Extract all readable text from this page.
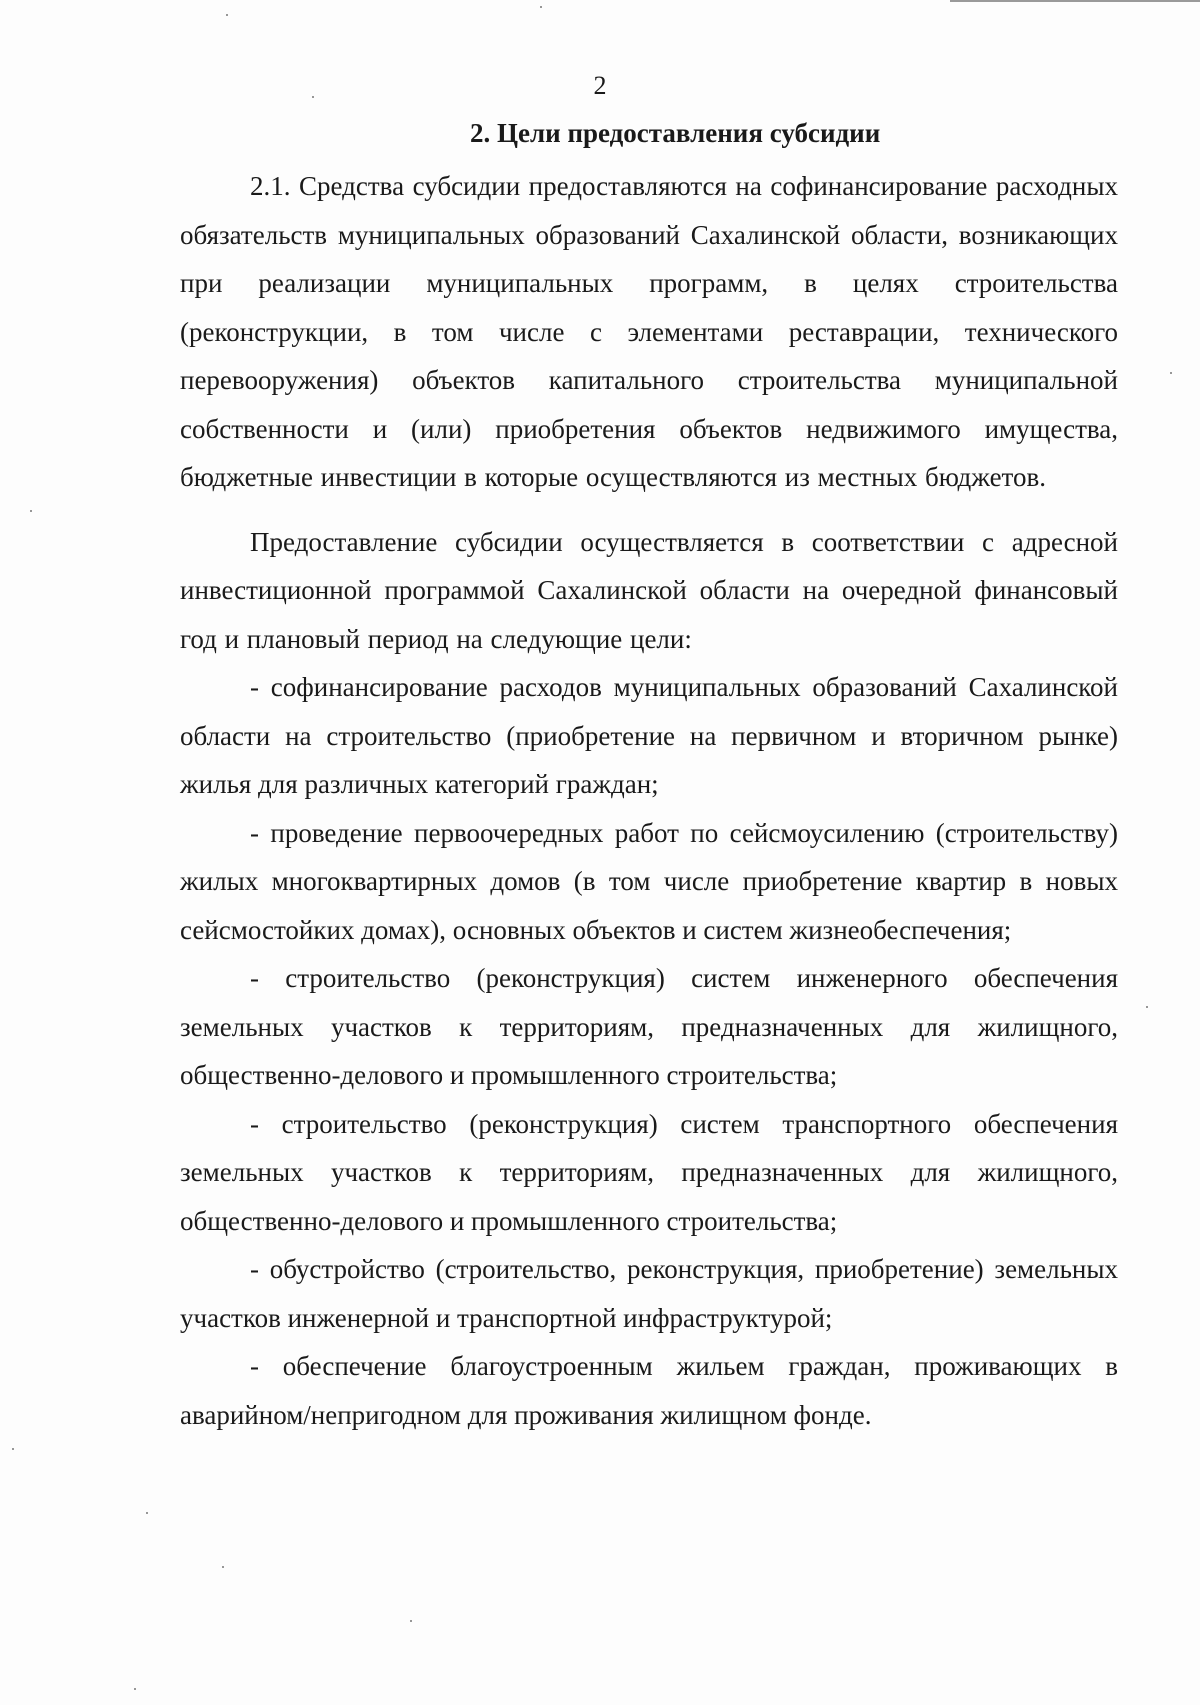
2
2. Цели предоставления субсидии

2.1. Средства субсидии предоставляются на софинансирование расходных обязательств муниципальных образований Сахалинской области, возникающих при реализации муниципальных программ, в целях строительства (реконструкции, в том числе с элементами реставрации, технического перевооружения) объектов капитального строительства муниципальной собственности и (или) приобретения объектов недвижимого имущества, бюджетные инвестиции в которые осуществляются из местных бюджетов.

Предоставление субсидии осуществляется в соответствии с адресной инвестиционной программой Сахалинской области на очередной финансовый год и плановый период на следующие цели:

- софинансирование расходов муниципальных образований Сахалинской области на строительство (приобретение на первичном и вторичном рынке) жилья для различных категорий граждан;

- проведение первоочередных работ по сейсмоусилению (строительству) жилых многоквартирных домов (в том числе приобретение квартир в новых сейсмостойких домах), основных объектов и систем жизнеобеспечения;

- строительство (реконструкция) систем инженерного обеспечения земельных участков к территориям, предназначенных для жилищного, общественно-делового и промышленного строительства;

- строительство (реконструкция) систем транспортного обеспечения земельных участков к территориям, предназначенных для жилищного, общественно-делового и промышленного строительства;

- обустройство (строительство, реконструкция, приобретение) земельных участков инженерной и транспортной инфраструктурой;

- обеспечение благоустроенным жильем граждан, проживающих в аварийном/непригодном для проживания жилищном фонде.
